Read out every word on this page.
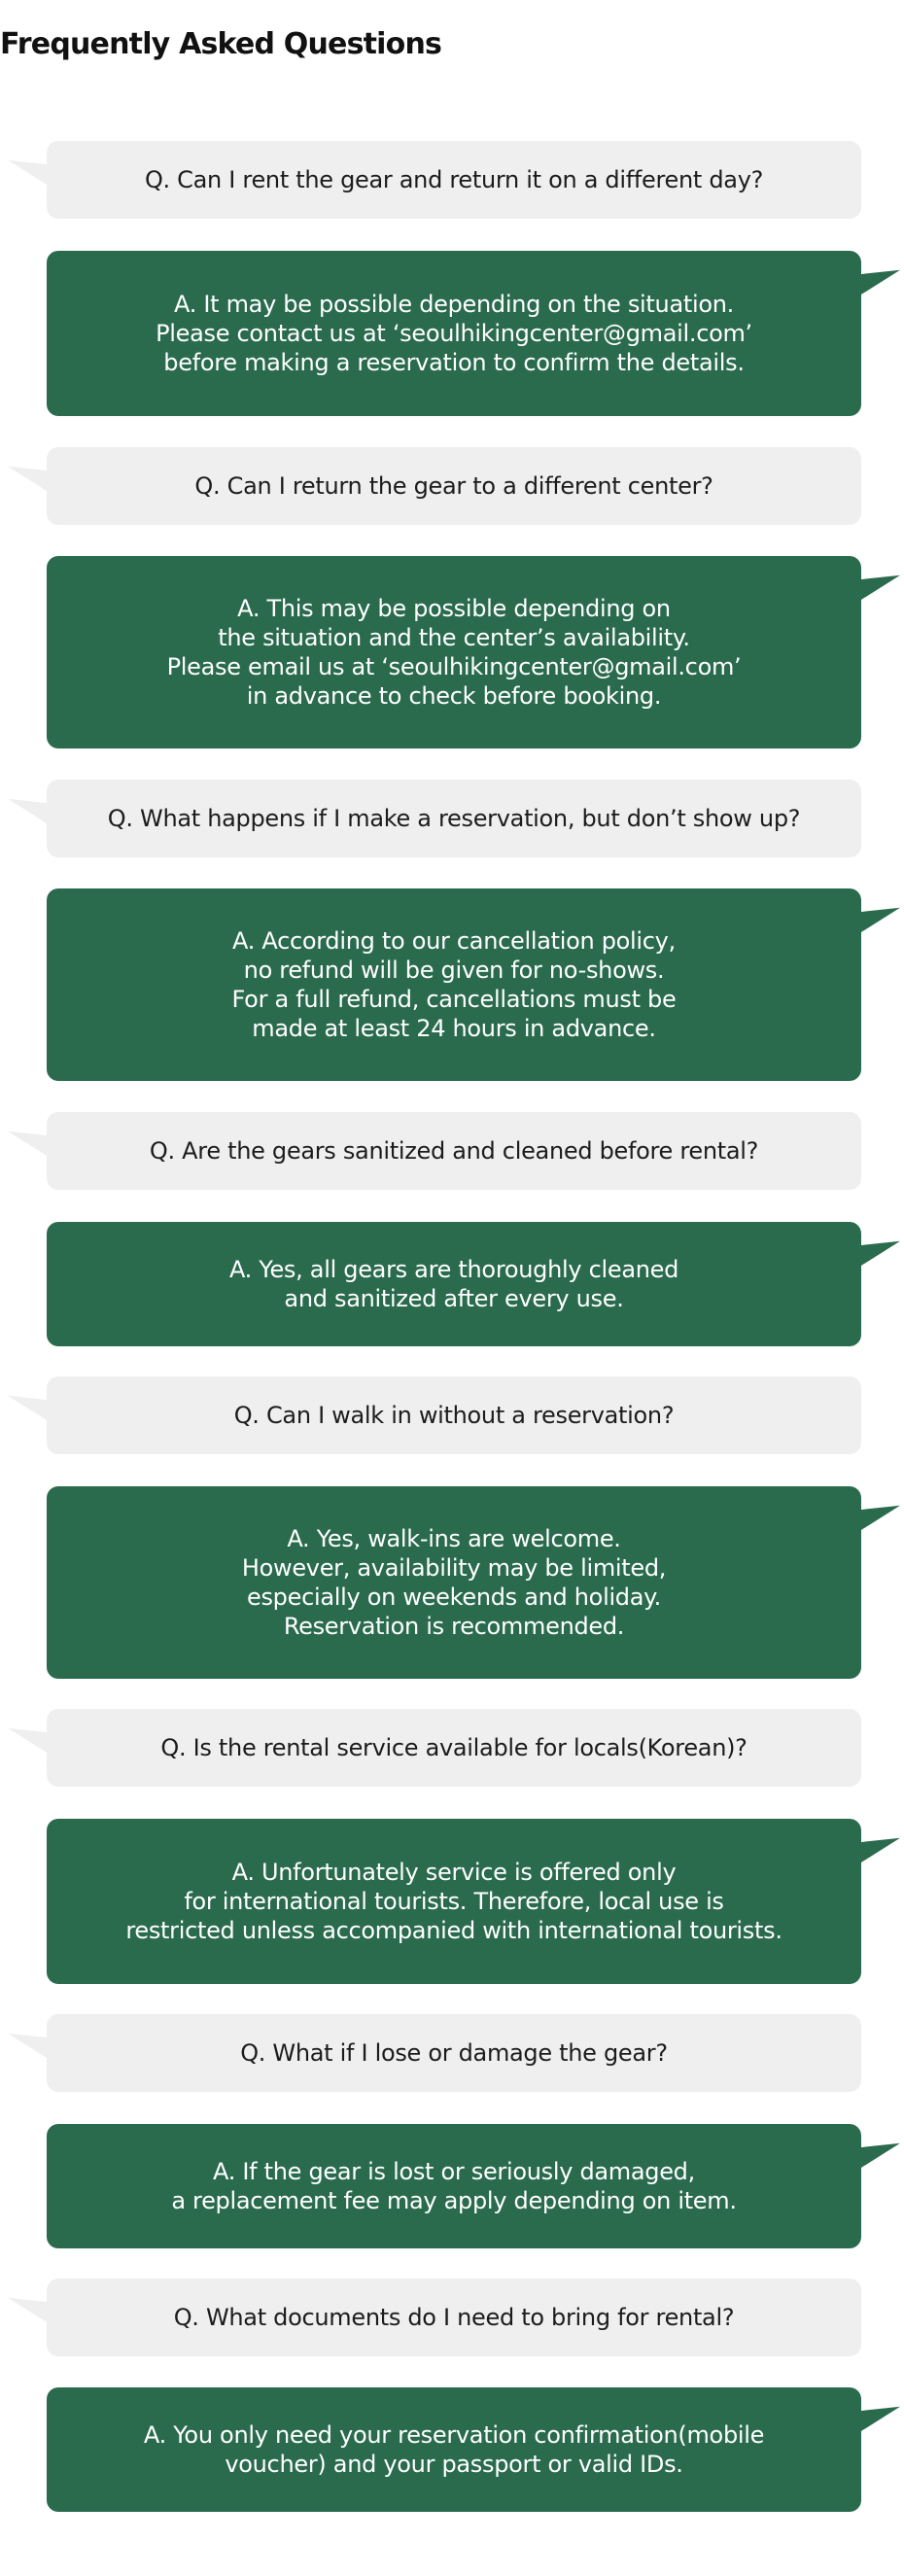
Frequently Asked Questions
Q. Can I rent the gear and return it on a different day?
A. It may be possible depending on the situation.
Please contact us at ‘seoulhikingcenter@gmail.com’
before making a reservation to confirm the details.
Q. Can I return the gear to a different center?
A. This may be possible depending on
the situation and the center’s availability.
Please email us at ‘seoulhikingcenter@gmail.com’
in advance to check before booking.
Q. What happens if I make a reservation, but don’t show up?
A. According to our cancellation policy,
no refund will be given for no-shows.
For a full refund, cancellations must be
made at least 24 hours in advance.
Q. Are the gears sanitized and cleaned before rental?
A. Yes, all gears are thoroughly cleaned
and sanitized after every use.
Q. Can I walk in without a reservation?
A. Yes, walk-ins are welcome.
However, availability may be limited,
especially on weekends and holiday.
Reservation is recommended.
Q. Is the rental service available for locals(Korean)?
A. Unfortunately service is offered only
for international tourists. Therefore, local use is
restricted unless accompanied with international tourists.
Q. What if I lose or damage the gear?
A. If the gear is lost or seriously damaged,
a replacement fee may apply depending on item.
Q. What documents do I need to bring for rental?
A. You only need your reservation confirmation(mobile
voucher) and your passport or valid IDs.
